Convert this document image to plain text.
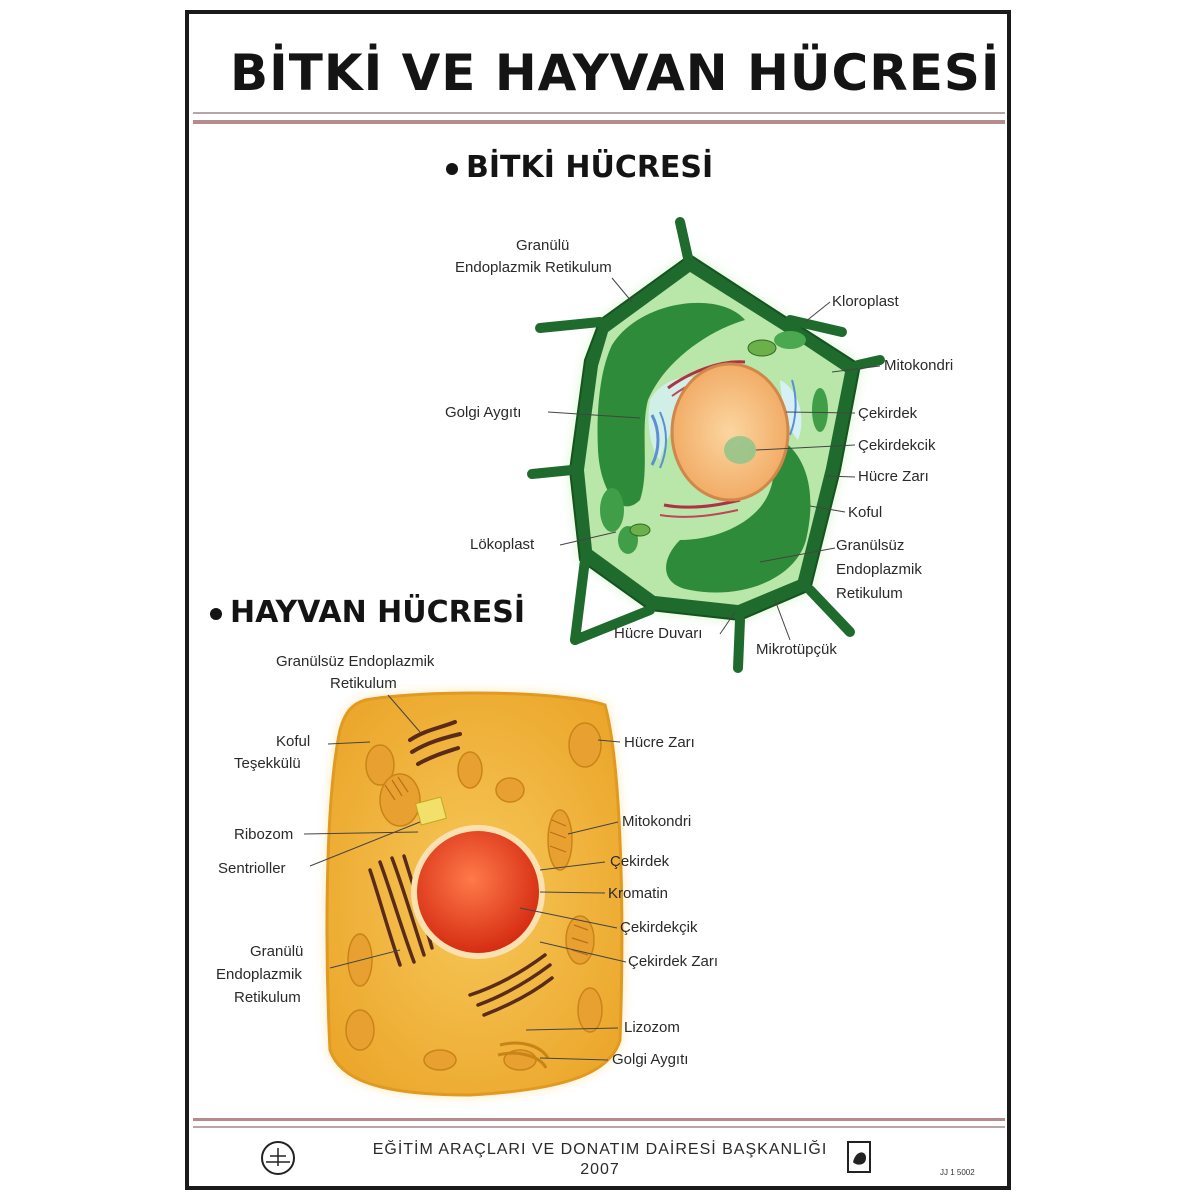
BİTKİ VE HAYVAN HÜCRESİ
BİTKİ HÜCRESİ
HAYVAN HÜCRESİ
Granülü
Endoplazmik Retikulum
Kloroplast
Mitokondri
Golgi Aygıtı	Çekirdek
Çekirdekcik
Hücre Zarı
Koful
Granülsüz
Endoplazmik
Retikulum
Lökoplast
Hücre Duvarı
Mikrotüpçük
Granülsüz Endoplazmik
Retikulum
Koful
Teşekkülü
Hücre Zarı
Ribozom
Sentrioller
Mitokondri
Çekirdek
Kromatin
Çekirdekçik
Çekirdek Zarı
Granülü
Endoplazmik
Retikulum
Lizozom
Golgi Aygıtı
EĞİTİM ARAÇLARI VE DONATIM DAİRESİ BAŞKANLIĞI
2007	JJ 1 5002
